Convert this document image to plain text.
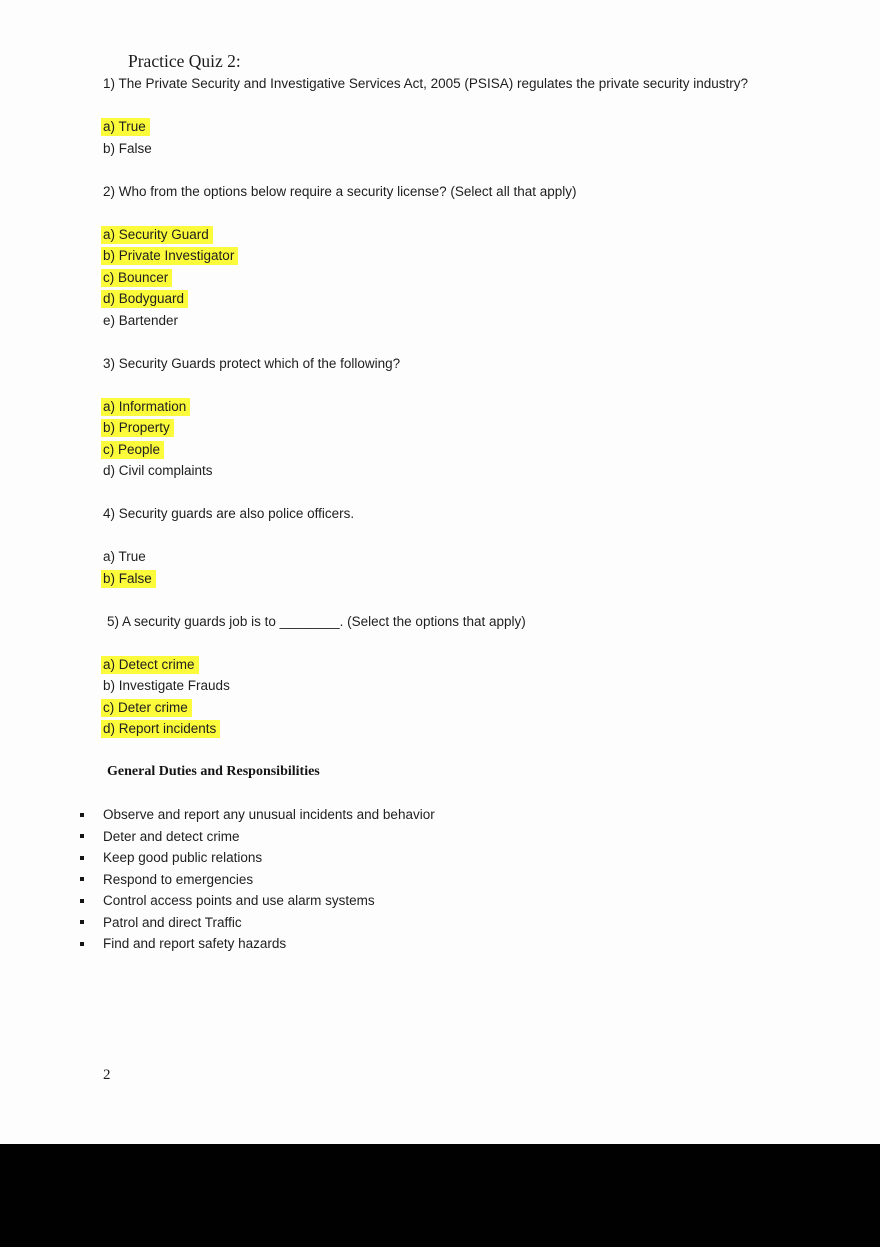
Practice Quiz 2:
1) The Private Security and Investigative Services Act, 2005 (PSISA) regulates the private security industry?
a) True
b) False
2) Who from the options below require a security license? (Select all that apply)
a) Security Guard
b) Private Investigator
c) Bouncer
d) Bodyguard
e) Bartender
3) Security Guards protect which of the following?
a) Information
b) Property
c) People
d) Civil complaints
4) Security guards are also police officers.
a) True
b) False
5) A security guards job is to ________. (Select the options that apply)
a) Detect crime
b) Investigate Frauds
c) Deter crime
d) Report incidents
General Duties and Responsibilities
Observe and report any unusual incidents and behavior
Deter and detect crime
Keep good public relations
Respond to emergencies
Control access points and use alarm systems
Patrol and direct Traffic
Find and report safety hazards
2
